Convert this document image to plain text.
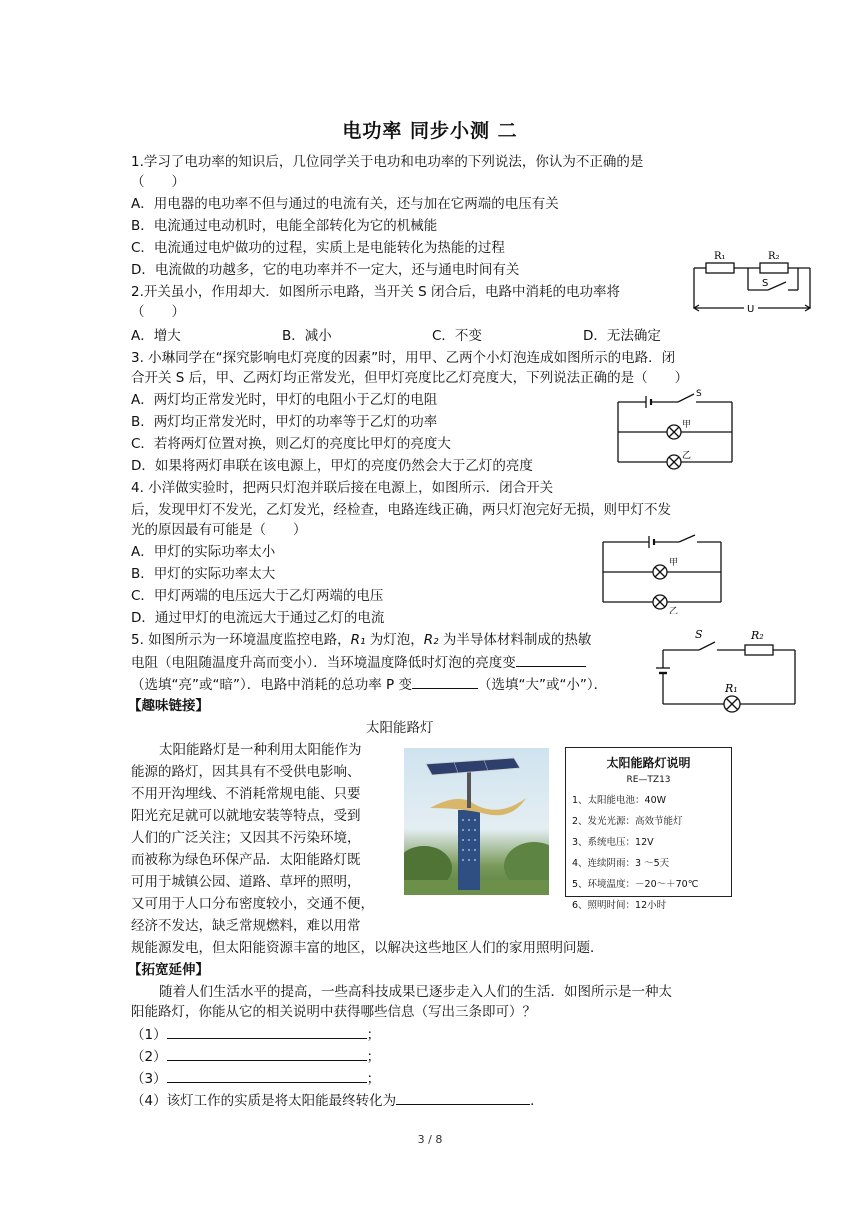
电功率 同步小测 二
1.学习了电功率的知识后，几位同学关于电功和电功率的下列说法，你认为不正确的是
（　　）
A．用电器的电功率不但与通过的电流有关，还与加在它两端的电压有关
B．电流通过电动机时，电能全部转化为它的机械能
C．电流通过电炉做功的过程，实质上是电能转化为热能的过程
D．电流做的功越多，它的电功率并不一定大，还与通电时间有关
2.开关虽小，作用却大．如图所示电路，当开关 S 闭合后，电路中消耗的电功率将
（　　）
A．增大	B．减小	C．不变	D．无法确定
R₁	R₂
S
U
3. 小琳同学在“探究影响电灯亮度的因素”时，用甲、乙两个小灯泡连成如图所示的电路．闭
合开关 S 后，甲、乙两灯均正常发光，但甲灯亮度比乙灯亮度大，下列说法正确的是（　　）
A．两灯均正常发光时，甲灯的电阻小于乙灯的电阻
B．两灯均正常发光时，甲灯的功率等于乙灯的功率
C．若将两灯位置对换，则乙灯的亮度比甲灯的亮度大
D．如果将两灯串联在该电源上，甲灯的亮度仍然会大于乙灯的亮度
S
甲
乙
4. 小洋做实验时，把两只灯泡并联后接在电源上，如图所示．闭合开关
后，发现甲灯不发光，乙灯发光，经检查，电路连线正确，两只灯泡完好无损，则甲灯不发
光的原因最有可能是（　　）
A．甲灯的实际功率太小
B．甲灯的实际功率太大
C．甲灯两端的电压远大于乙灯两端的电压
D．通过甲灯的电流远大于通过乙灯的电流
甲
乙
5. 如图所示为一环境温度监控电路，R₁ 为灯泡，R₂ 为半导体材料制成的热敏
电阻（电阻随温度升高而变小）．当环境温度降低时灯泡的亮度变
（选填“亮”或“暗”）．电路中消耗的总功率 P 变	（选填“大”或“小”）．
S	R₂
R₁
【趣味链接】
太阳能路灯
太阳能路灯是一种利用太阳能作为
能源的路灯，因其具有不受供电影响、
不用开沟埋线、不消耗常规电能、只要
阳光充足就可以就地安装等特点，受到
人们的广泛关注；又因其不污染环境，
而被称为绿色环保产品．太阳能路灯既
可用于城镇公园、道路、草坪的照明，
又可用于人口分布密度较小，交通不便，
经济不发达，缺乏常规燃料，难以用常
规能源发电，但太阳能资源丰富的地区，以解决这些地区人们的家用照明问题．
太阳能路灯说明
RE—TZ13
1、太阳能电池：40W
2、发光光源：高效节能灯
3、系统电压：12V
4、连续阴雨：3 ～5天
5、环境温度：－20～＋70℃
6、照明时间：12小时
【拓宽延伸】
随着人们生活水平的提高，一些高科技成果已逐步走入人们的生活．如图所示是一种太
阳能路灯，你能从它的相关说明中获得哪些信息（写出三条即可）？
（1）	；
（2）	；
（3）	；
（4）该灯工作的实质是将太阳能最终转化为	．
3 / 8
